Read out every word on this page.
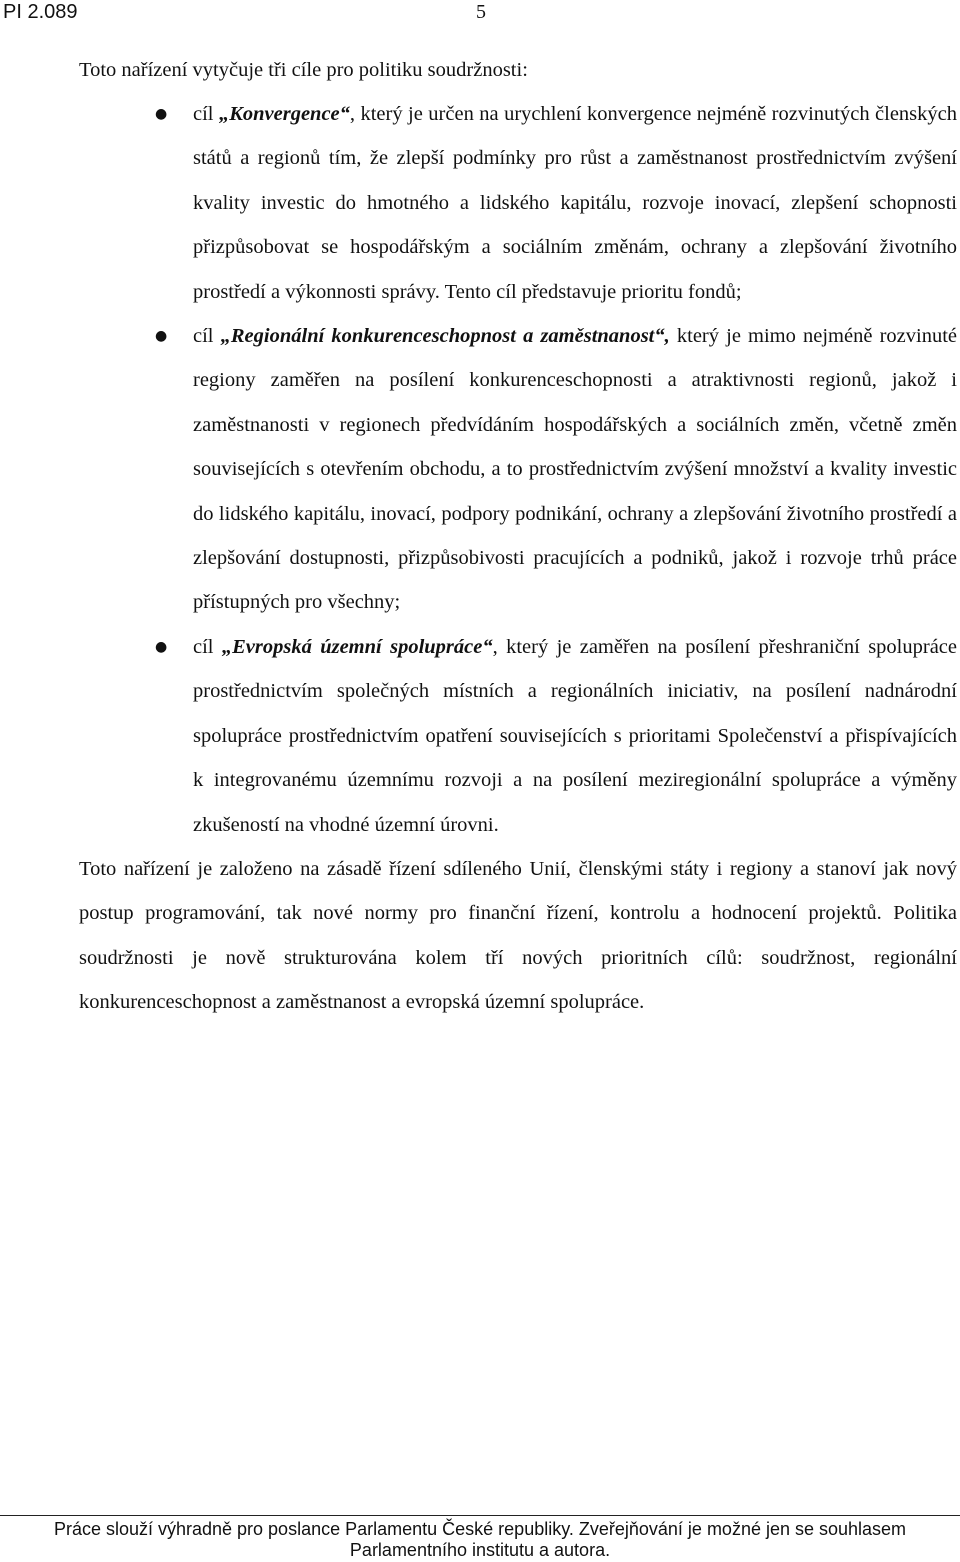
PI 2.089	5

Toto nařízení vytyčuje tři cíle pro politiku soudržnosti:

● cíl „Konvergence“, který je určen na urychlení konvergence nejméně rozvinutých členských států a regionů tím, že zlepší podmínky pro růst a zaměstnanost prostřednictvím zvýšení kvality investic do hmotného a lidského kapitálu, rozvoje inovací, zlepšení schopnosti přizpůsobovat se hospodářským a sociálním změnám, ochrany a zlepšování životního prostředí a výkonnosti správy. Tento cíl představuje prioritu fondů;
● cíl „Regionální konkurenceschopnost a zaměstnanost“, který je mimo nejméně rozvinuté regiony zaměřen na posílení konkurenceschopnosti a atraktivnosti regionů, jakož i zaměstnanosti v regionech předvídáním hospodářských a sociálních změn, včetně změn souvisejících s otevřením obchodu, a to prostřednictvím zvýšení množství a kvality investic do lidského kapitálu, inovací, podpory podnikání, ochrany a zlepšování životního prostředí a zlepšování dostupnosti, přizpůsobivosti pracujících a podniků, jakož i rozvoje trhů práce přístupných pro všechny;
● cíl „Evropská územní spolupráce“, který je zaměřen na posílení přeshraniční spolupráce prostřednictvím společných místních a regionálních iniciativ, na posílení nadnárodní spolupráce prostřednictvím opatření souvisejících s prioritami Společenství a přispívajících k integrovanému územnímu rozvoji a na posílení meziregionální spolupráce a výměny zkušeností na vhodné územní úrovni.

Toto nařízení je založeno na zásadě řízení sdíleného Unií, členskými státy i regiony a stanoví jak nový postup programování, tak nové normy pro finanční řízení, kontrolu a hodnocení projektů. Politika soudržnosti je nově strukturována kolem tří nových prioritních cílů: soudržnost, regionální konkurenceschopnost a zaměstnanost a evropská územní spolupráce.

Práce slouží výhradně pro poslance Parlamentu České republiky. Zveřejňování je možné jen se souhlasem

Parlamentního institutu a autora.
